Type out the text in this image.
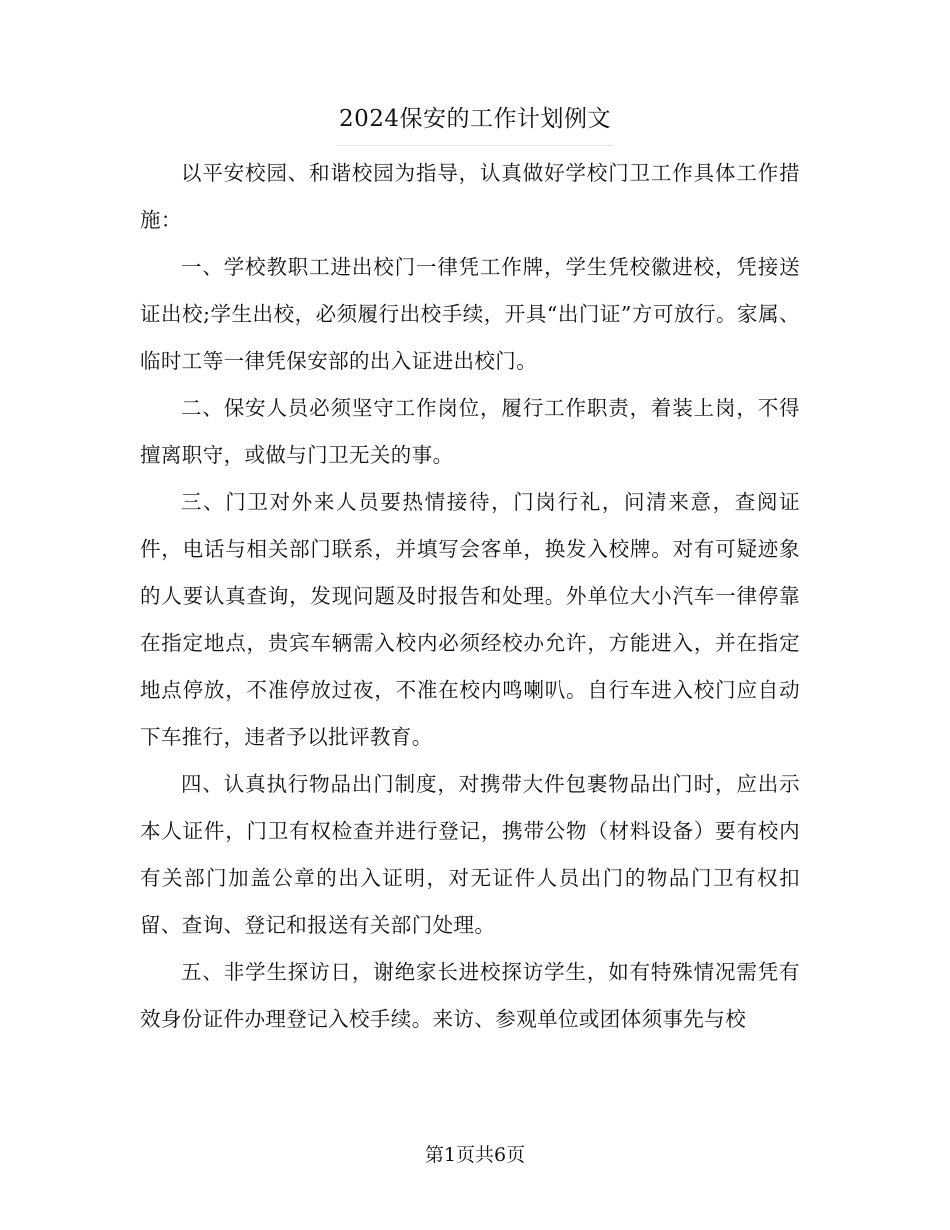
2024保安的工作计划例文

以平安校园、和谐校园为指导，认真做好学校门卫工作具体工作措施：

一、学校教职工进出校门一律凭工作牌，学生凭校徽进校，凭接送证出校;学生出校，必须履行出校手续，开具“出门证”方可放行。家属、临时工等一律凭保安部的出入证进出校门。

二、保安人员必须坚守工作岗位，履行工作职责，着装上岗，不得擅离职守，或做与门卫无关的事。

三、门卫对外来人员要热情接待，门岗行礼，问清来意，查阅证件，电话与相关部门联系，并填写会客单，换发入校牌。对有可疑迹象的人要认真查询，发现问题及时报告和处理。外单位大小汽车一律停靠在指定地点，贵宾车辆需入校内必须经校办允许，方能进入，并在指定地点停放，不准停放过夜，不准在校内鸣喇叭。自行车进入校门应自动下车推行，违者予以批评教育。

四、认真执行物品出门制度，对携带大件包裹物品出门时，应出示本人证件，门卫有权检查并进行登记，携带公物（材料设备）要有校内有关部门加盖公章的出入证明，对无证件人员出门的物品门卫有权扣留、查询、登记和报送有关部门处理。

五、非学生探访日，谢绝家长进校探访学生，如有特殊情况需凭有效身份证件办理登记入校手续。来访、参观单位或团体须事先与校

第1页共6页
